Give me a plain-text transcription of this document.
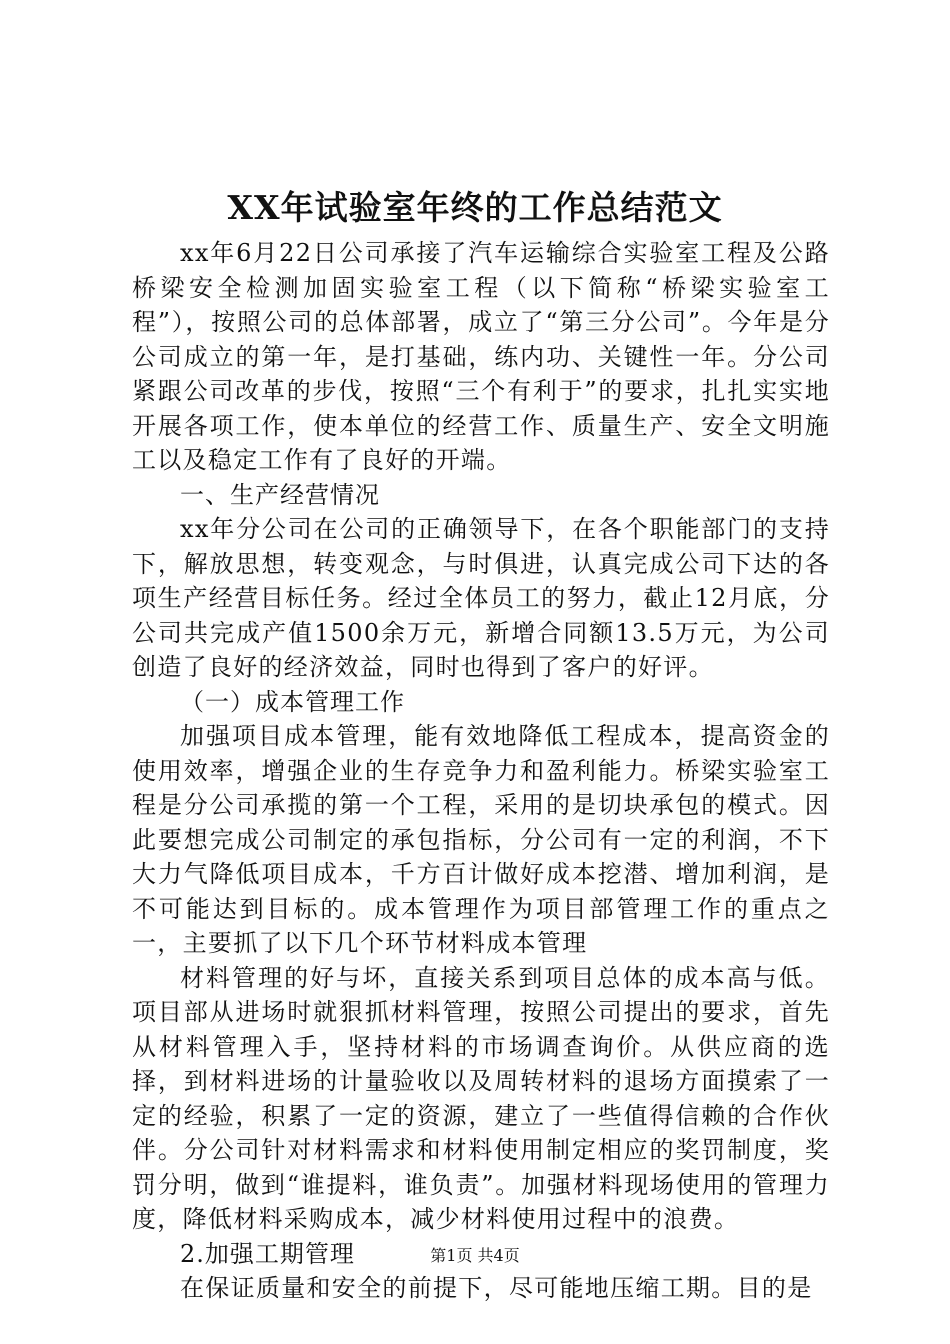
XX年试验室年终的工作总结范文

xx年6月22日公司承接了汽车运输综合实验室工程及公路桥梁安全检测加固实验室工程（以下简称“桥梁实验室工程”），按照公司的总体部署，成立了“第三分公司”。今年是分公司成立的第一年，是打基础，练内功、关键性一年。分公司紧跟公司改革的步伐，按照“三个有利于”的要求，扎扎实实地开展各项工作，使本单位的经营工作、质量生产、安全文明施工以及稳定工作有了良好的开端。

一、生产经营情况

xx年分公司在公司的正确领导下，在各个职能部门的支持下，解放思想，转变观念，与时俱进，认真完成公司下达的各项生产经营目标任务。经过全体员工的努力，截止12月底，分公司共完成产值1500余万元，新增合同额13.5万元，为公司创造了良好的经济效益，同时也得到了客户的好评。

（一）成本管理工作

加强项目成本管理，能有效地降低工程成本，提高资金的使用效率，增强企业的生存竞争力和盈利能力。桥梁实验室工程是分公司承揽的第一个工程，采用的是切块承包的模式。因此要想完成公司制定的承包指标，分公司有一定的利润，不下大力气降低项目成本，千方百计做好成本挖潜、增加利润，是不可能达到目标的。成本管理作为项目部管理工作的重点之一，主要抓了以下几个环节材料成本管理

材料管理的好与坏，直接关系到项目总体的成本高与低。项目部从进场时就狠抓材料管理，按照公司提出的要求，首先从材料管理入手，坚持材料的市场调查询价。从供应商的选择，到材料进场的计量验收以及周转材料的退场方面摸索了一定的经验，积累了一定的资源，建立了一些值得信赖的合作伙伴。分公司针对材料需求和材料使用制定相应的奖罚制度，奖罚分明，做到“谁提料，谁负责”。加强材料现场使用的管理力度，降低材料采购成本，减少材料使用过程中的浪费。

2.加强工期管理

在保证质量和安全的前提下，尽可能地压缩工期。目的是

第1页 共4页
